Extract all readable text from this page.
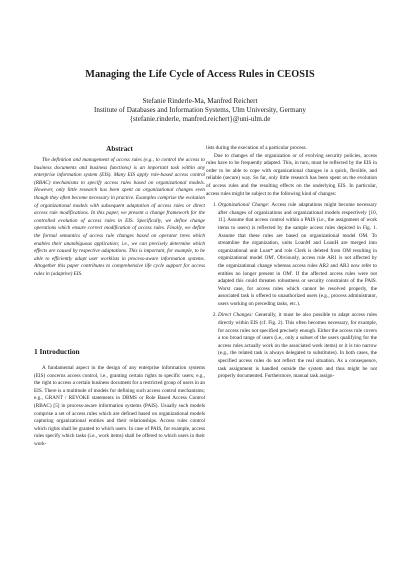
Managing the Life Cycle of Access Rules in CEOSIS
Stefanie Rinderle-Ma, Manfred Reichert
Institute of Databases and Information Systems, Ulm University, Germany
{stefanie.rinderle, manfred.reichert}@uni-ulm.de

Abstract

The definition and management of access rules (e.g., to control the access to business documents and business functions) is an important task within any enterprise information system (EIS). Many EIS apply role-based access control (RBAC) mechanisms to specify access rules based on organizational models. However, only little research has been spent on organizational changes even though they often become necessary in practice. Examples comprise the evolution of organizational models with subsequent adaptation of access rules or direct access rule modifications. In this paper, we present a change framework for the controlled evolution of access rules in EIS. Specifically, we define change operations which ensure correct modification of access rules. Finally, we define the formal semantics of access rule changes based on operator trees which enables their unambiguous application; i.e., we can precisely determine which effects are caused by respective adaptations. This is important, for example, to be able to efficiently adapt user worklists in process-aware information systems. Altogether this paper contributes to comprehensive life cycle support for access rules in (adaptive) EIS.

1 Introduction

A fundamental aspect in the design of any enterprise information systems (EIS) concerns access control, i.e., granting certain rights to specific users; e.g., the right to access a certain business document for a restricted group of users in an EIS. There is a multitude of models for defining such access control mechanisms; e.g., GRANT / REVOKE statements in DBMS or Role Based Access Control (RBAC) [5] in process-aware information systems (PAIS). Usually such models comprise a set of access rules which are defined based on organizational models capturing organizational entities and their relationships. Access rules control which rights shall be granted to which users. In case of PAIS, for example, access rules specify which tasks (i.e., work items) shall be offered to which users in their work-

lists during the execution of a particular process.

Due to changes of the organization or of evolving security policies, access rules have to be frequently adapted. This, in turn, must be reflected by the EIS in order to be able to cope with organizational changes in a quick, flexible, and reliable (secure) way. So far, only little research has been spent on the evolution of access rules and the resulting effects on the underlying EIS. In particular, access rules might be subject to the following kind of changes:

1. Organizational Change: Access rule adaptations might become necessary after changes of organizations and organizational models respectively [10, 11]. Assume that access control within a PAIS (i.e., the assignment of work items to users) is reflected by the sample access rules depicted in Fig. 1. Assume that these rules are based on organizational model OM. To streamline the organization, units LoanM and LoanH are merged into organizational unit Loan* and role Clerk is deleted from OM resulting in organizational model OM'. Obviously, access rule AR1 is not affected by the organizational change whereas access rules AR2 and AR3 now refer to entities no longer present in OM'. If the affected access rules were not adapted this could threaten robustness or security constraints of the PAIS. Worst case, for access rules which cannot be resolved properly, the associated task is offered to unauthorized users (e.g., process administrator, users working on preceding tasks, etc.).
2. Direct Changes: Generally, it must be also possible to adapt access rules directly within EIS (cf. Fig. 2). This often becomes necessary, for example, for access rules not specified precisely enough. Either the access rule covers a too broad range of users (i.e., only a subset of the users qualifying for the access rules actually work on the associated work items) or it is too narrow (e.g., the related task is always delegated to substitutes). In both cases, the specified access rules do not reflect the real situation. As a consequence, task assignment is handled outside the system and thus might be not properly documented. Furthermore, manual task assign-
